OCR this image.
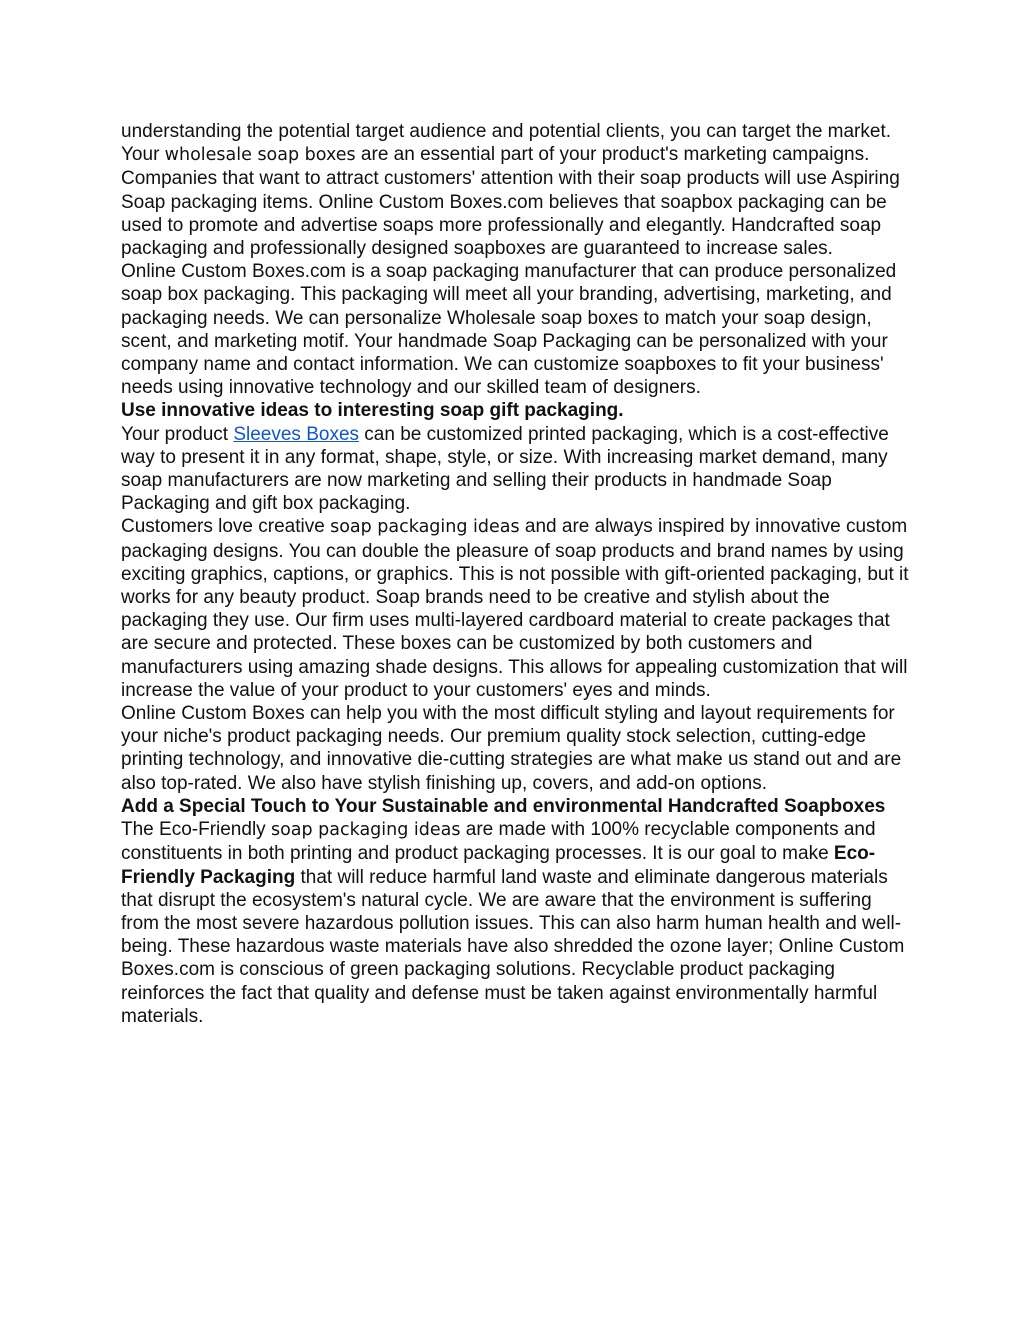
understanding the potential target audience and potential clients, you can target the market.

Your wholesale soap boxes are an essential part of your product's marketing campaigns. Companies that want to attract customers' attention with their soap products will use Aspiring Soap packaging items. Online Custom Boxes.com believes that soapbox packaging can be used to promote and advertise soaps more professionally and elegantly. Handcrafted soap packaging and professionally designed soapboxes are guaranteed to increase sales.

Online Custom Boxes.com is a soap packaging manufacturer that can produce personalized soap box packaging. This packaging will meet all your branding, advertising, marketing, and packaging needs. We can personalize Wholesale soap boxes to match your soap design, scent, and marketing motif. Your handmade Soap Packaging can be personalized with your company name and contact information. We can customize soapboxes to fit your business' needs using innovative technology and our skilled team of designers.

Use innovative ideas to interesting soap gift packaging.

Your product Sleeves Boxes can be customized printed packaging, which is a cost-effective way to present it in any format, shape, style, or size. With increasing market demand, many soap manufacturers are now marketing and selling their products in handmade Soap Packaging and gift box packaging.

Customers love creative soap packaging ideas and are always inspired by innovative custom packaging designs. You can double the pleasure of soap products and brand names by using exciting graphics, captions, or graphics. This is not possible with gift-oriented packaging, but it works for any beauty product. Soap brands need to be creative and stylish about the packaging they use. Our firm uses multi-layered cardboard material to create packages that are secure and protected. These boxes can be customized by both customers and manufacturers using amazing shade designs. This allows for appealing customization that will increase the value of your product to your customers' eyes and minds.

Online Custom Boxes can help you with the most difficult styling and layout requirements for your niche's product packaging needs. Our premium quality stock selection, cutting-edge printing technology, and innovative die-cutting strategies are what make us stand out and are also top-rated. We also have stylish finishing up, covers, and add-on options.

Add a Special Touch to Your Sustainable and environmental Handcrafted Soapboxes

The Eco-Friendly soap packaging ideas are made with 100% recyclable components and constituents in both printing and product packaging processes. It is our goal to make Eco-Friendly Packaging that will reduce harmful land waste and eliminate dangerous materials that disrupt the ecosystem's natural cycle. We are aware that the environment is suffering from the most severe hazardous pollution issues. This can also harm human health and well-being. These hazardous waste materials have also shredded the ozone layer; Online Custom Boxes.com is conscious of green packaging solutions. Recyclable product packaging reinforces the fact that quality and defense must be taken against environmentally harmful materials.
